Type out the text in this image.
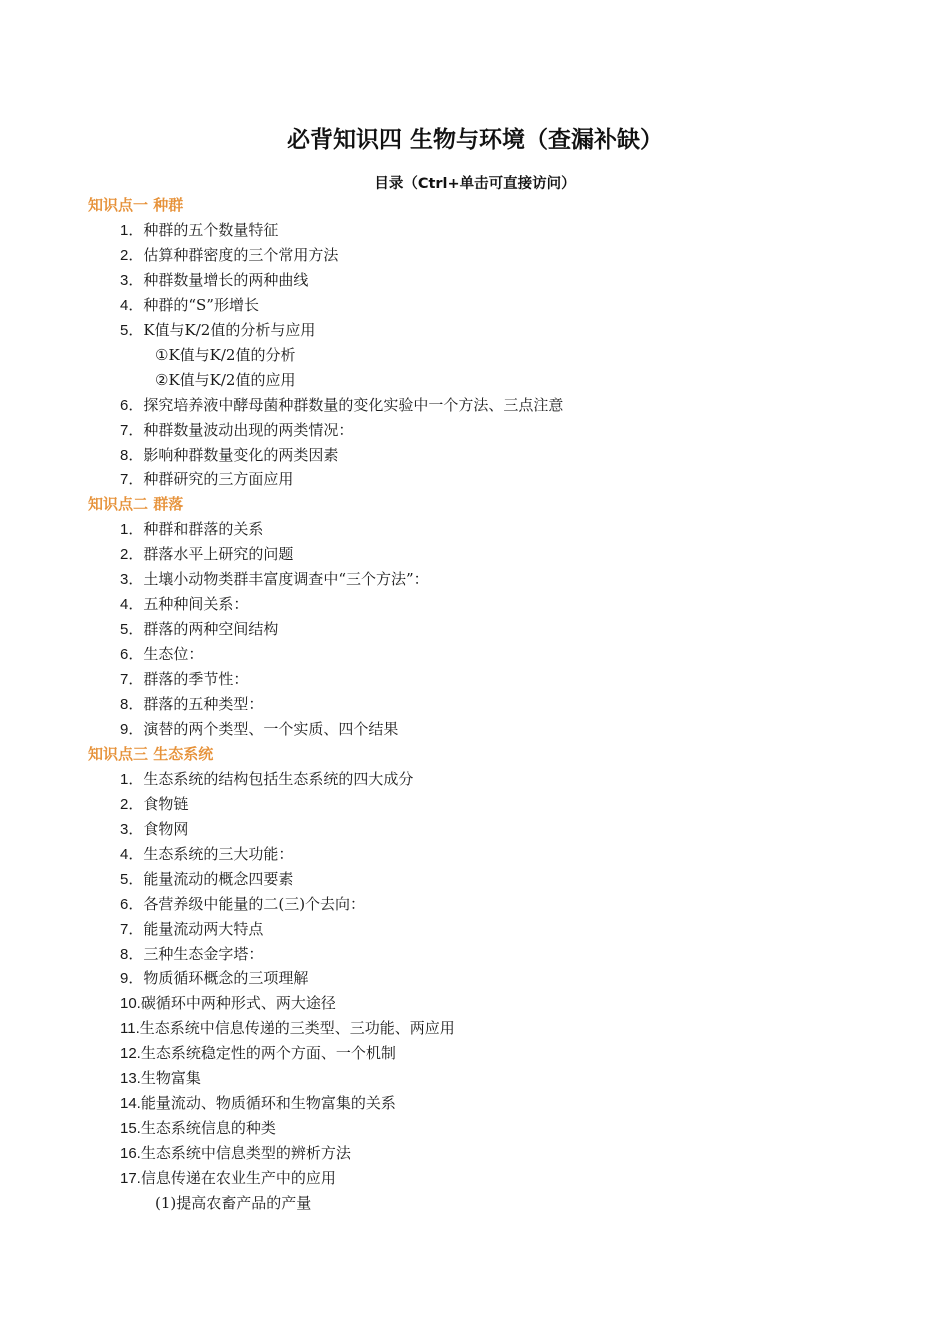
必背知识四 生物与环境（查漏补缺）
目录（Ctrl+单击可直接访问）
知识点一 种群
1．种群的五个数量特征
2．估算种群密度的三个常用方法
3．种群数量增长的两种曲线
4．种群的“S”形增长
5．K值与K/2值的分析与应用
①K值与K/2值的分析
②K值与K/2值的应用
6．探究培养液中酵母菌种群数量的变化实验中一个方法、三点注意
7．种群数量波动出现的两类情况：
8．影响种群数量变化的两类因素
7．种群研究的三方面应用
知识点二 群落
1．种群和群落的关系
2．群落水平上研究的问题
3．土壤小动物类群丰富度调查中“三个方法”：
4．五种种间关系：
5．群落的两种空间结构
6．生态位：
7．群落的季节性：
8．群落的五种类型：
9．演替的两个类型、一个实质、四个结果
知识点三 生态系统
1．生态系统的结构包括生态系统的四大成分
2．食物链
3．食物网
4．生态系统的三大功能：
5．能量流动的概念四要素
6．各营养级中能量的二(三)个去向：
7．能量流动两大特点
8．三种生态金字塔：
9．物质循环概念的三项理解
10.碳循环中两种形式、两大途径
11.生态系统中信息传递的三类型、三功能、两应用
12.生态系统稳定性的两个方面、一个机制
13.生物富集
14.能量流动、物质循环和生物富集的关系
15.生态系统信息的种类
16.生态系统中信息类型的辨析方法
17.信息传递在农业生产中的应用
(1)提高农畜产品的产量
